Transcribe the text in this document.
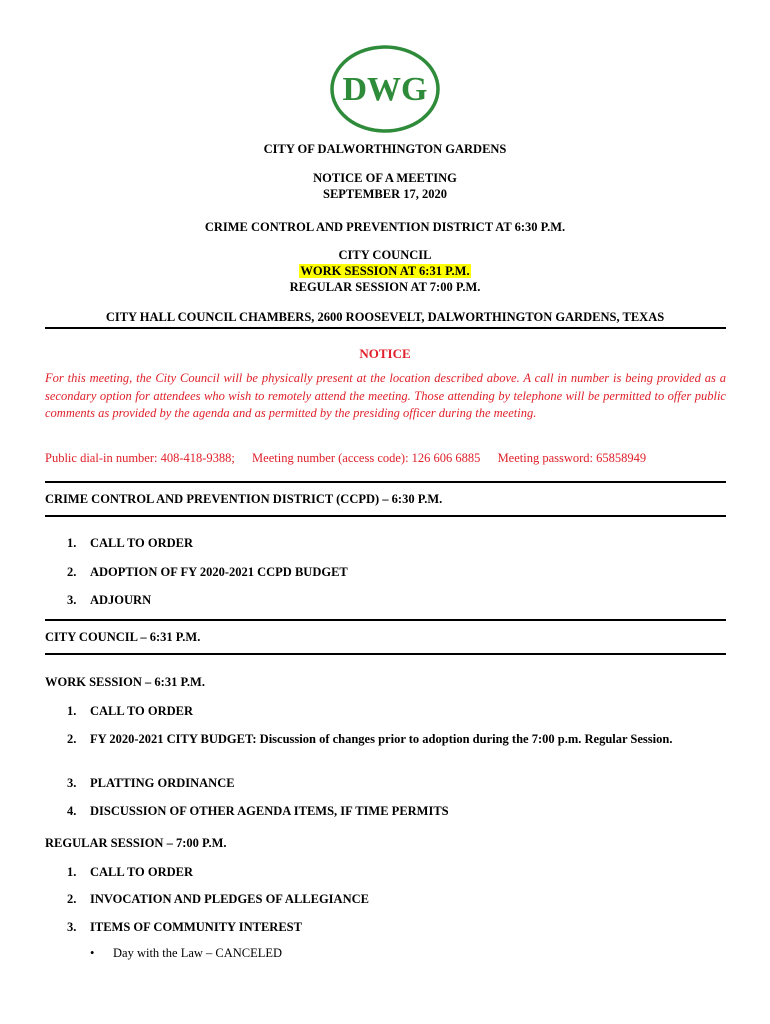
DWG
CITY OF DALWORTHINGTON GARDENS
NOTICE OF A MEETING
SEPTEMBER 17, 2020
CRIME CONTROL AND PREVENTION DISTRICT AT 6:30 P.M.
CITY COUNCIL
WORK SESSION AT 6:31 P.M.
REGULAR SESSION AT 7:00 P.M.
CITY HALL COUNCIL CHAMBERS, 2600 ROOSEVELT, DALWORTHINGTON GARDENS, TEXAS
NOTICE

For this meeting, the City Council will be physically present at the location described above. A call in number is being provided as a secondary option for attendees who wish to remotely attend the meeting. Those attending by telephone will be permitted to offer public comments as provided by the agenda and as permitted by the presiding officer during the meeting.

Public dial-in number: 408-418-9388; Meeting number (access code): 126 606 6885 Meeting password: 65858949
CRIME CONTROL AND PREVENTION DISTRICT (CCPD) – 6:30 P.M.
1. CALL TO ORDER
2. ADOPTION OF FY 2020-2021 CCPD BUDGET
3. ADJOURN
CITY COUNCIL – 6:31 P.M.
WORK SESSION – 6:31 P.M.
1. CALL TO ORDER
2. FY 2020-2021 CITY BUDGET: Discussion of changes prior to adoption during the 7:00 p.m. Regular Session.
3. PLATTING ORDINANCE
4. DISCUSSION OF OTHER AGENDA ITEMS, IF TIME PERMITS
REGULAR SESSION – 7:00 P.M.
1. CALL TO ORDER
2. INVOCATION AND PLEDGES OF ALLEGIANCE
3. ITEMS OF COMMUNITY INTEREST
• Day with the Law – CANCELED
